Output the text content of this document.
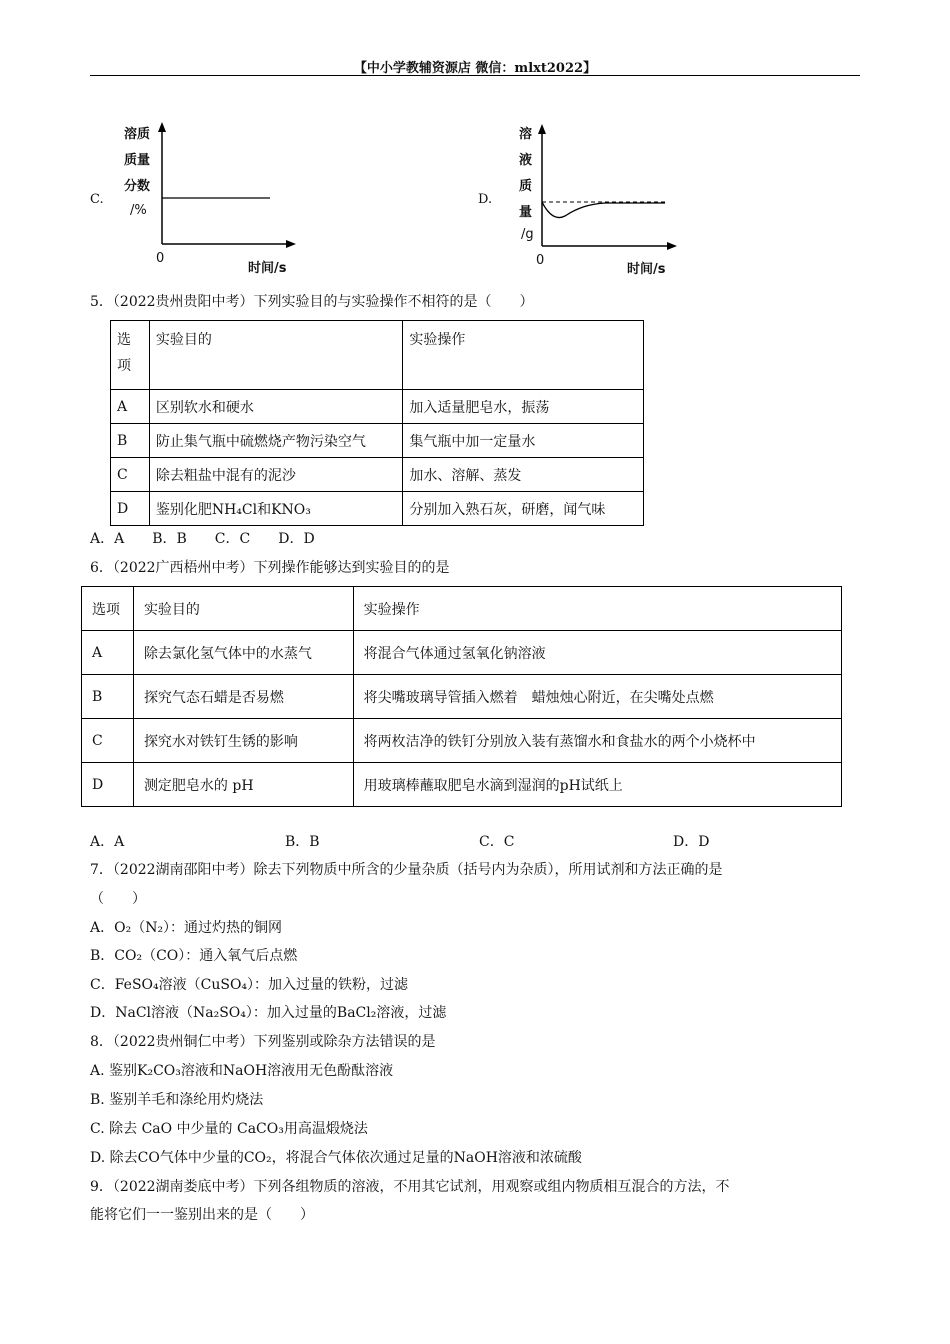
【中小学教辅资源店 微信：mlxt2022】
C.
溶质
质量
分数
/%
0
时间/s
D.
溶
液
质
量
/g
0
时间/s
5．（2022贵州贵阳中考）下列实验目的与实验操作不相符的是（　　）
选
项	实验目的	实验操作
A	区别软水和硬水	加入适量肥皂水，振荡
B	防止集气瓶中硫燃烧产物污染空气	集气瓶中加一定量水
C	除去粗盐中混有的泥沙	加水、溶解、蒸发
D	鉴别化肥NH₄Cl和KNO₃	分别加入熟石灰，研磨，闻气味
A．A　　B．B　　C．C　　D．D
6．（2022广西梧州中考）下列操作能够达到实验目的的是
选项	实验目的	实验操作
A	除去氯化氢气体中的水蒸气	将混合气体通过氢氧化钠溶液
B	探究气态石蜡是否易燃	将尖嘴玻璃导管插入燃着　蜡烛烛心附近，在尖嘴处点燃
C	探究水对铁钉生锈的影响	将两枚洁净的铁钉分别放入装有蒸馏水和食盐水的两个小烧杯中
D	测定肥皂水的 pH	用玻璃棒蘸取肥皂水滴到湿润的pH试纸上
A．A	B．B	C．C	D．D
7．（2022湖南邵阳中考）除去下列物质中所含的少量杂质（括号内为杂质），所用试剂和方法正确的是
（　　）
A．O₂（N₂）：通过灼热的铜网
B．CO₂（CO）：通入氧气后点燃
C．FeSO₄溶液（CuSO₄）：加入过量的铁粉，过滤
D．NaCl溶液（Na₂SO₄）：加入过量的BaCl₂溶液，过滤
8．（2022贵州铜仁中考）下列鉴别或除杂方法错误的是
A. 鉴别K₂CO₃溶液和NaOH溶液用无色酚酞溶液
B. 鉴别羊毛和涤纶用灼烧法
C. 除去 CaO 中少量的 CaCO₃用高温煅烧法
D. 除去CO气体中少量的CO₂，将混合气体依次通过足量的NaOH溶液和浓硫酸
9．（2022湖南娄底中考）下列各组物质的溶液，不用其它试剂，用观察或组内物质相互混合的方法，不
能将它们一一鉴别出来的是（　　）
